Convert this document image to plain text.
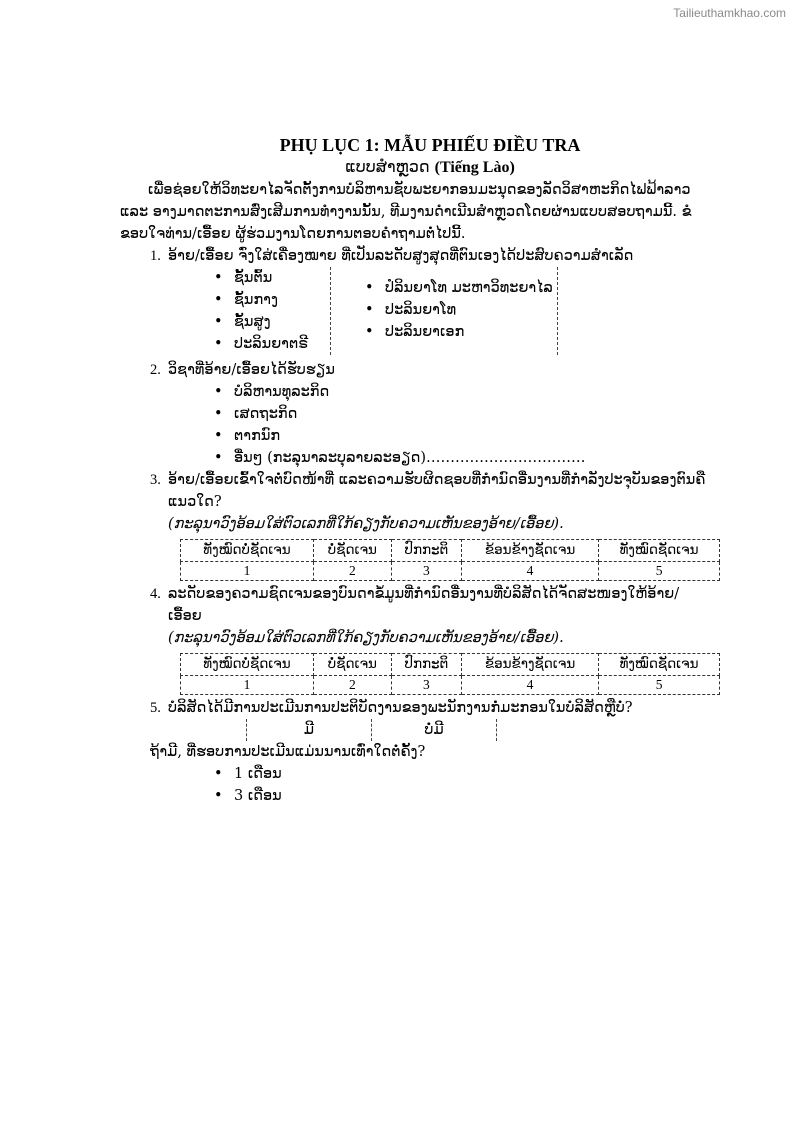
Tailieuthamkhao.com
PHỤ LỤC 1: MẪU PHIẾU ĐIỀU TRA
ແບບສໍາຫຼວດ (Tiếng Lào)

ເພື່ອຊ່ອຍໃຫ້ວິທະຍາໄລຈັດຕັ້ງການບໍລິຫານຊັບພະຍາກອນມະນຸດຂອງລັດວິສາຫະກິດໄຟຟ້າລາວ ແລະ ອາງມາດຕະການສົ່ງເສີມການທໍາງານນັ້ນ, ທີມງານດໍາເນີນສໍາຫຼວດໂດຍຜ່ານແບບສອບຖາມນີ້. ຂໍຂອບໃຈທ່ານ/ເອື້ອຍ ຜູ້ຮ່ວມງານໂດຍການຕອບຄໍາຖາມຕໍ່ໄປນີ້.

1. ອ້າຍ/ເອື້ອຍ ຈົ່ງໃສ່ເຄື່ອງໝາຍ ທີ່ເປັນລະດັບສູງສຸດທີ່ຕົນເອງໄດ້ປະສົບຄວາມສໍາເລັດ
• ຊັ້ນຕົ້ນ
• ຊັ້ນກາງ
• ຊັ້ນສູງ
• ປະລິນຍາຕຣີ
• ປໍລິນຍາໂທ ມະຫາວິທະຍາໄລ
• ປະລິນຍາໂທ
• ປະລິນຍາເອກ
2. ວິຊາທີ່ອ້າຍ/ເອື້ອຍໄດ້ຮັບຮຽນ
• ບໍລິຫານທຸລະກິດ
• ເສດຖະກິດ
• ຕາກນົກ
• ອື່ນໆ (ກະລຸນາລະບຸລາຍລະອຽດ)……………………………
3. ອ້າຍ/ເອື້ອຍເຂົ້າໃຈຕໍ່ບົດໜ້າທີ່ ແລະຄວາມຮັບຜິດຊອບທີ່ກໍານົດອື່ນງານທີ່ກໍາລັງປະຈຸບັນຂອງຕົນຄືແນວໃດ?
(ກະລຸນາວົງອ້ອມໃສ່ຕົວເລກທີ່ໃກ້ຄຽງກັບຄວາມເຫັນຂອງອ້າຍ/ເອື້ອຍ).
ທັງໝົດບໍ່ຊັດເຈນ	ບໍ່ຊັດເຈນ	ປົກກະຕິ	ຂ້ອນຂ້າງຊັດເຈນ	ທັງໝົດຊັດເຈນ
1	2	3	4	5
4. ລະດັບຂອງຄວາມຊົດເຈນຂອງບົນດາຂໍ້ມູນທີ່ກໍານົດອື່ນງານທີ່ບໍລິສັດໄດ້ຈັດສະໜອງໃຫ້ອ້າຍ/ເອື້ອຍ
(ກະລຸນາວົງອ້ອມໃສ່ຕົວເລກທີ່ໃກ້ຄຽງກັບຄວາມເຫັນຂອງອ້າຍ/ເອື້ອຍ).
ທັງໝົດບໍ່ຊັດເຈນ	ບໍ່ຊັດເຈນ	ປົກກະຕິ	ຂ້ອນຂ້າງຊັດເຈນ	ທັງໝົດຊັດເຈນ
1	2	3	4	5
5. ບໍລິສັດໄດ້ມີການປະເມີນການປະຕິບັດງານຂອງພະນັກງານກໍ່ມະກອນໃນບໍລິສັດຫຼືບໍ່?
ມີ	ບໍ່ມີ
ຖ້າມີ, ທີ່ຮອບການປະເມີນແມ່ນນານເທົ່າໃດຕໍ່ຄັ້ງ?
• 1 ເດືອນ
• 3 ເດືອນ
